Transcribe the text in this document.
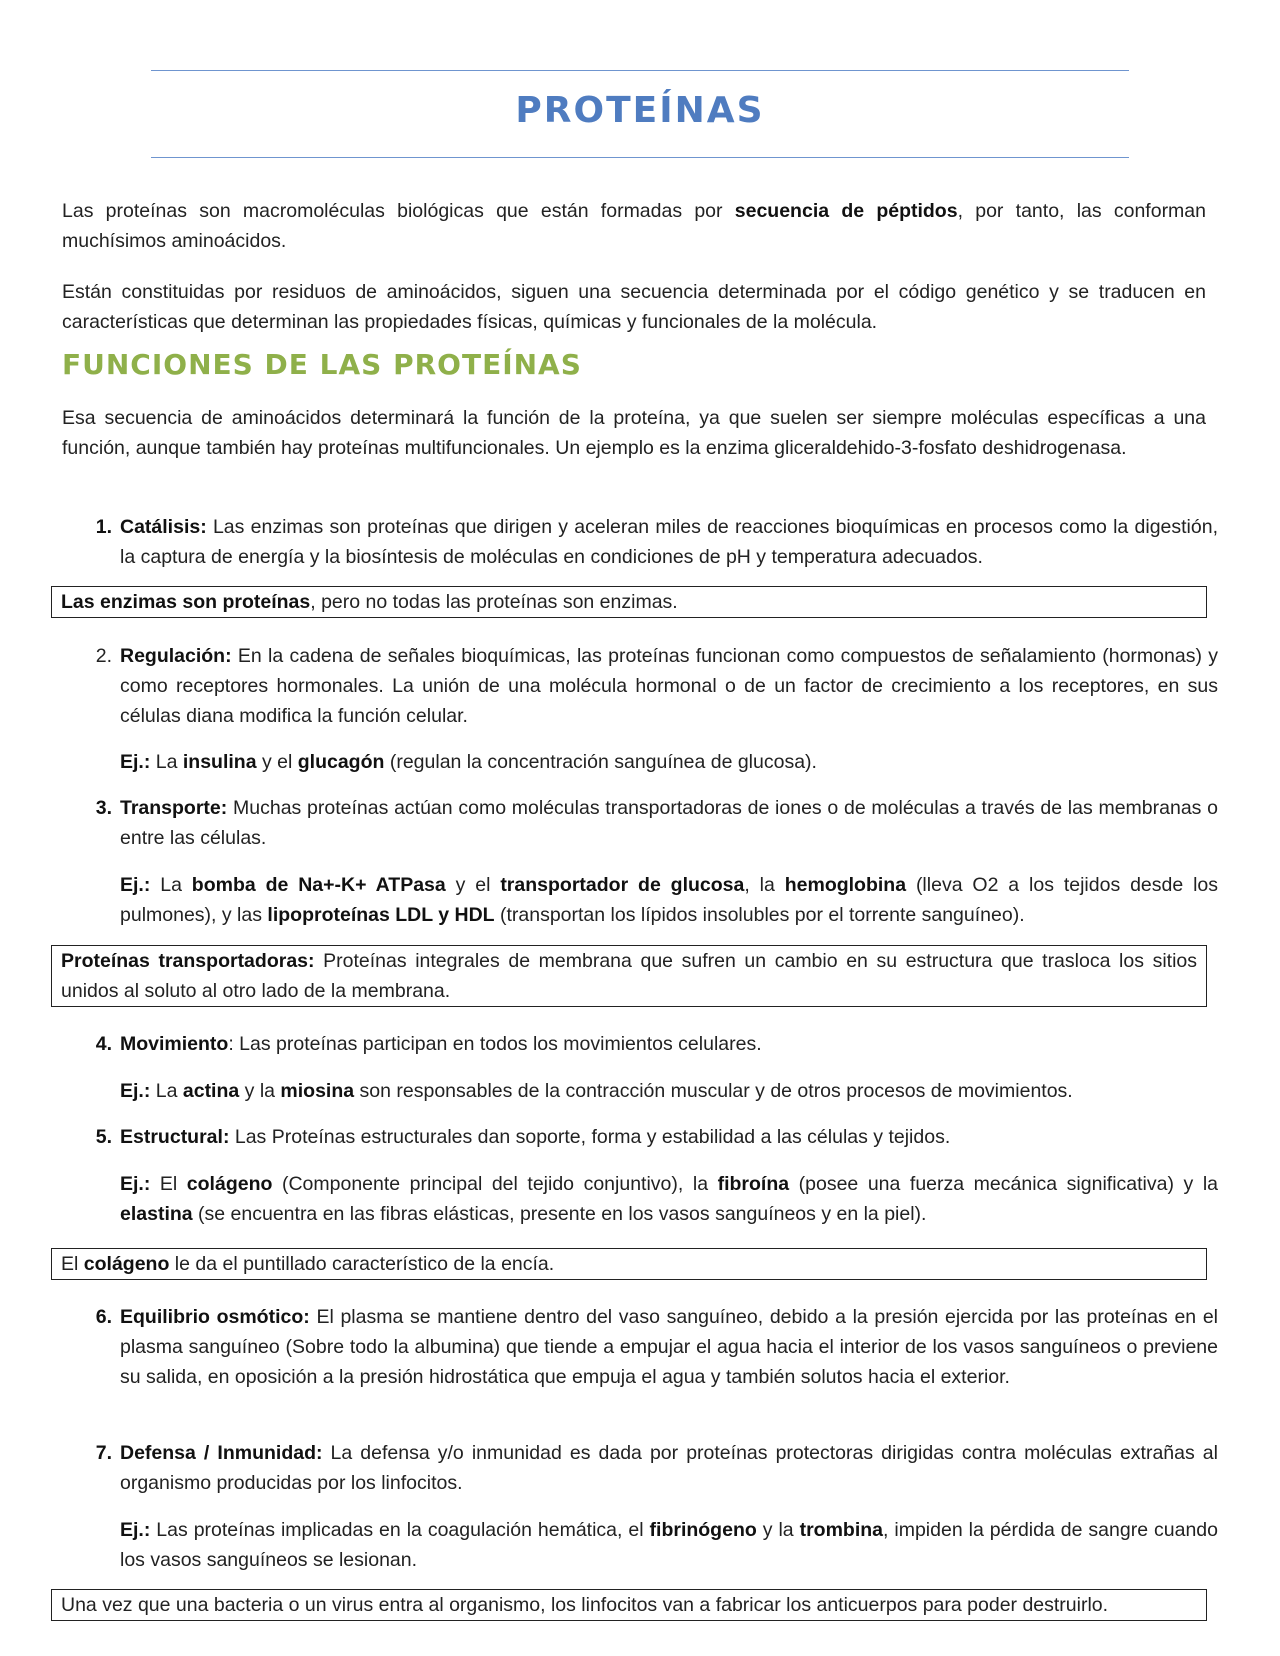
PROTEÍNAS

Las proteínas son macromoléculas biológicas que están formadas por secuencia de péptidos, por tanto, las conforman muchísimos aminoácidos.

Están constituidas por residuos de aminoácidos, siguen una secuencia determinada por el código genético y se traducen en características que determinan las propiedades físicas, químicas y funcionales de la molécula.

FUNCIONES DE LAS PROTEÍNAS

Esa secuencia de aminoácidos determinará la función de la proteína, ya que suelen ser siempre moléculas específicas a una función, aunque también hay proteínas multifuncionales. Un ejemplo es la enzima gliceraldehido-3-fosfato deshidrogenasa.

1. Catálisis: Las enzimas son proteínas que dirigen y aceleran miles de reacciones bioquímicas en procesos como la digestión, la captura de energía y la biosíntesis de moléculas en condiciones de pH y temperatura adecuados.

Las enzimas son proteínas, pero no todas las proteínas son enzimas.

2. Regulación: En la cadena de señales bioquímicas, las proteínas funcionan como compuestos de señalamiento (hormonas) y como receptores hormonales. La unión de una molécula hormonal o de un factor de crecimiento a los receptores, en sus células diana modifica la función celular.

Ej.: La insulina y el glucagón (regulan la concentración sanguínea de glucosa).

3. Transporte: Muchas proteínas actúan como moléculas transportadoras de iones o de moléculas a través de las membranas o entre las células.

Ej.: La bomba de Na+-K+ ATPasa y el transportador de glucosa, la hemoglobina (lleva O2 a los tejidos desde los pulmones), y las lipoproteínas LDL y HDL (transportan los lípidos insolubles por el torrente sanguíneo).

Proteínas transportadoras: Proteínas integrales de membrana que sufren un cambio en su estructura que trasloca los sitios unidos al soluto al otro lado de la membrana.

4. Movimiento: Las proteínas participan en todos los movimientos celulares.

Ej.: La actina y la miosina son responsables de la contracción muscular y de otros procesos de movimientos.

5. Estructural: Las Proteínas estructurales dan soporte, forma y estabilidad a las células y tejidos.

Ej.: El colágeno (Componente principal del tejido conjuntivo), la fibroína (posee una fuerza mecánica significativa) y la elastina (se encuentra en las fibras elásticas, presente en los vasos sanguíneos y en la piel).

El colágeno le da el puntillado característico de la encía.

6. Equilibrio osmótico: El plasma se mantiene dentro del vaso sanguíneo, debido a la presión ejercida por las proteínas en el plasma sanguíneo (Sobre todo la albumina) que tiende a empujar el agua hacia el interior de los vasos sanguíneos o previene su salida, en oposición a la presión hidrostática que empuja el agua y también solutos hacia el exterior.

7. Defensa / Inmunidad: La defensa y/o inmunidad es dada por proteínas protectoras dirigidas contra moléculas extrañas al organismo producidas por los linfocitos.

Ej.: Las proteínas implicadas en la coagulación hemática, el fibrinógeno y la trombina, impiden la pérdida de sangre cuando los vasos sanguíneos se lesionan.

Una vez que una bacteria o un virus entra al organismo, los linfocitos van a fabricar los anticuerpos para poder destruirlo.
